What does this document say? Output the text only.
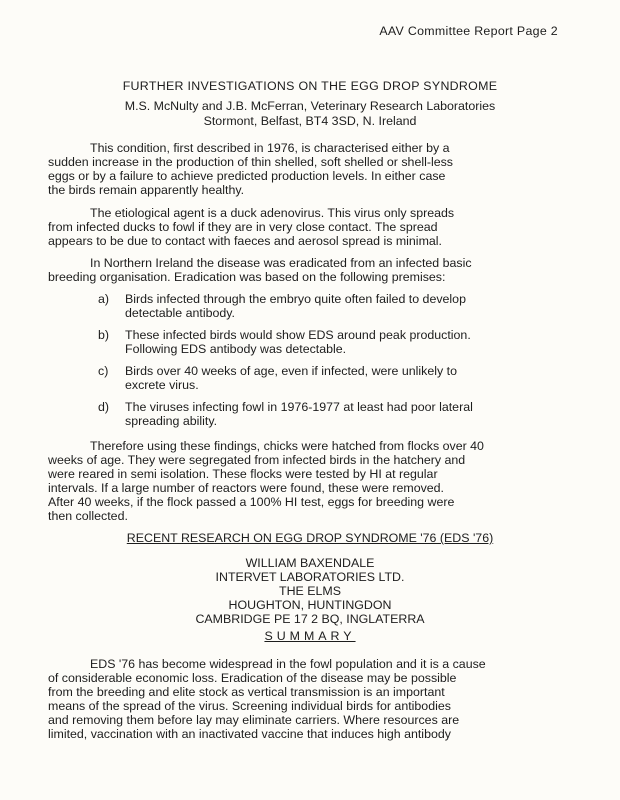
AAV Committee Report Page 2
FURTHER INVESTIGATIONS ON THE EGG DROP SYNDROME
M.S. McNulty and J.B. McFerran, Veterinary Research Laboratories
Stormont, Belfast, BT4 3SD, N. Ireland
This condition, first described in 1976, is characterised either by a
sudden increase in the production of thin shelled, soft shelled or shell-less
eggs or by a failure to achieve predicted production levels. In either case
the birds remain apparently healthy.
The etiological agent is a duck adenovirus. This virus only spreads
from infected ducks to fowl if they are in very close contact. The spread
appears to be due to contact with faeces and aerosol spread is minimal.
In Northern Ireland the disease was eradicated from an infected basic
breeding organisation. Eradication was based on the following premises:
a) Birds infected through the embryo quite often failed to develop
detectable antibody.
b) These infected birds would show EDS around peak production.
Following EDS antibody was detectable.
c) Birds over 40 weeks of age, even if infected, were unlikely to
excrete virus.
d) The viruses infecting fowl in 1976-1977 at least had poor lateral
spreading ability.
Therefore using these findings, chicks were hatched from flocks over 40
weeks of age. They were segregated from infected birds in the hatchery and
were reared in semi isolation. These flocks were tested by HI at regular
intervals. If a large number of reactors were found, these were removed.
After 40 weeks, if the flock passed a 100% HI test, eggs for breeding were
then collected.
RECENT RESEARCH ON EGG DROP SYNDROME '76 (EDS '76)
WILLIAM BAXENDALE
INTERVET LABORATORIES LTD.
THE ELMS
HOUGHTON, HUNTINGDON
CAMBRIDGE PE 17 2 BQ, INGLATERRA
SUMMARY
EDS '76 has become widespread in the fowl population and it is a cause
of considerable economic loss. Eradication of the disease may be possible
from the breeding and elite stock as vertical transmission is an important
means of the spread of the virus. Screening individual birds for antibodies
and removing them before lay may eliminate carriers. Where resources are
limited, vaccination with an inactivated vaccine that induces high antibody
